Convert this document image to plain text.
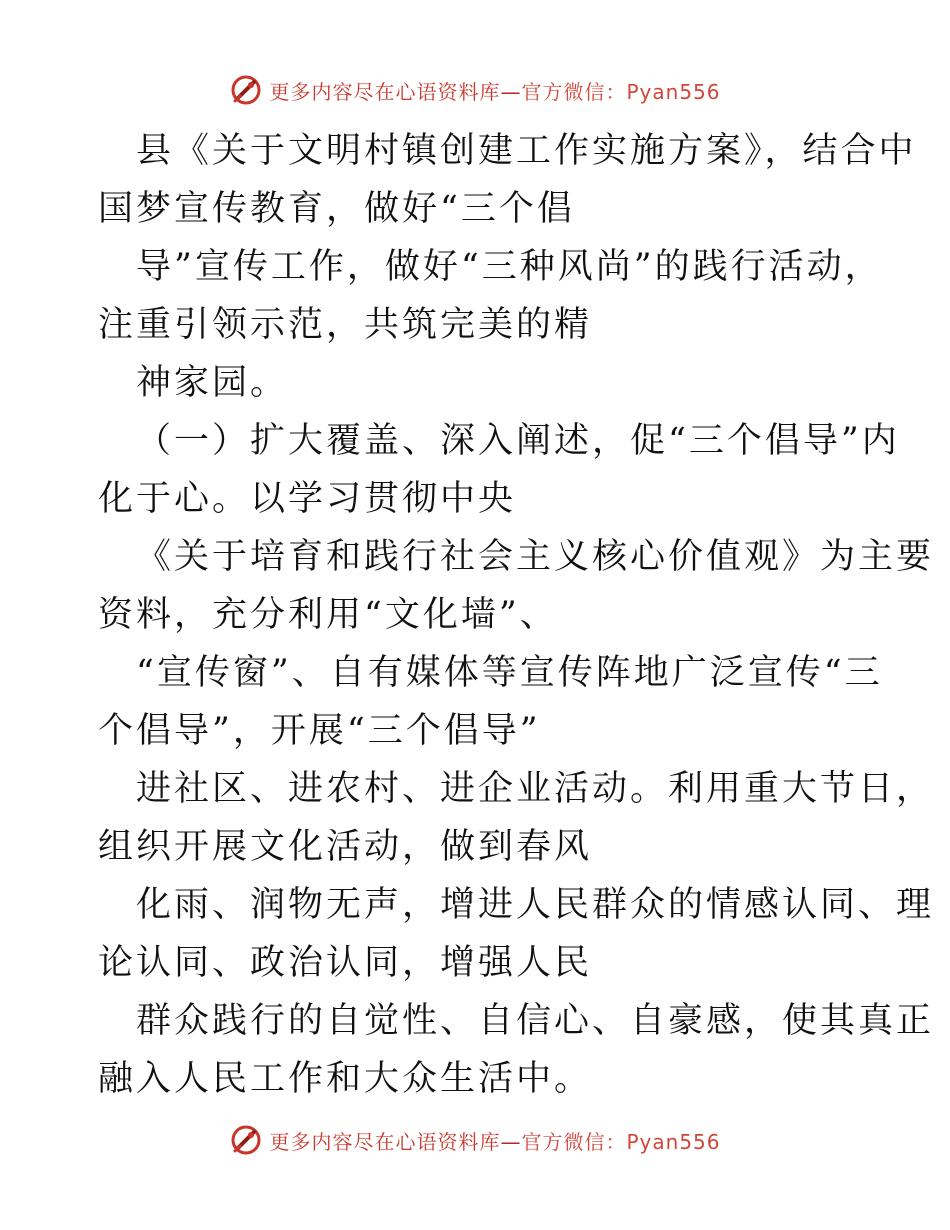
更多内容尽在心语资料库—官方微信：Pyan556
县《关于文明村镇创建工作实施方案》，结合中
国梦宣传教育，做好“三个倡
导”宣传工作，做好“三种风尚”的践行活动，
注重引领示范，共筑完美的精
神家园。
（一）扩大覆盖、深入阐述，促“三个倡导”内
化于心。以学习贯彻中央
《关于培育和践行社会主义核心价值观》为主要
资料，充分利用“文化墙”、
“宣传窗”、自有媒体等宣传阵地广泛宣传“三
个倡导”，开展“三个倡导”
进社区、进农村、进企业活动。利用重大节日，
组织开展文化活动，做到春风
化雨、润物无声，增进人民群众的情感认同、理
论认同、政治认同，增强人民
群众践行的自觉性、自信心、自豪感，使其真正
融入人民工作和大众生活中。
更多内容尽在心语资料库—官方微信：Pyan556
